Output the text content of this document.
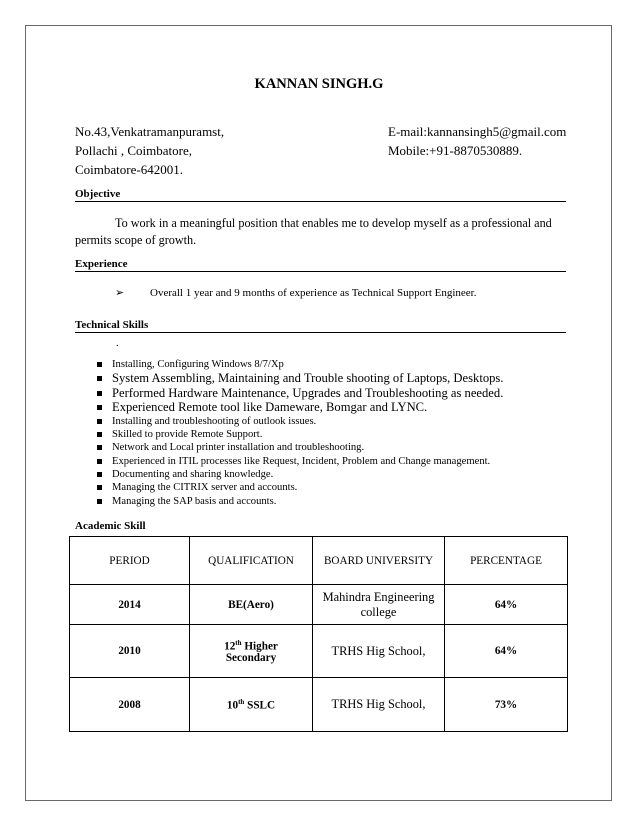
KANNAN SINGH.G
No.43,Venkatramanpuramst,
Pollachi , Coimbatore,
Coimbatore-642001.
E-mail:kannansingh5@gmail.com
Mobile:+91-8870530889.
Objective
To work in a meaningful position that enables me to develop myself as a professional and
permits scope of growth.
Experience
➢ Overall 1 year and 9 months of experience as Technical Support Engineer.
Technical Skills
.
Installing, Configuring Windows 8/7/Xp
System Assembling, Maintaining and Trouble shooting of Laptops, Desktops.
Performed Hardware Maintenance, Upgrades and Troubleshooting as needed.
Experienced Remote tool like Dameware, Bomgar and LYNC.
Installing and troubleshooting of outlook issues.
Skilled to provide Remote Support.
Network and Local printer installation and troubleshooting.
Experienced in ITIL processes like Request, Incident, Problem and Change management.
Documenting and sharing knowledge.
Managing the CITRIX server and accounts.
Managing the SAP basis and accounts.
Academic Skill
PERIOD	QUALIFICATION	BOARD UNIVERSITY	PERCENTAGE
2014	BE(Aero)	Mahindra Engineering college	64%
2010	12th Higher
Secondary	TRHS Hig School,	64%
2008	10th SSLC	TRHS Hig School,	73%
